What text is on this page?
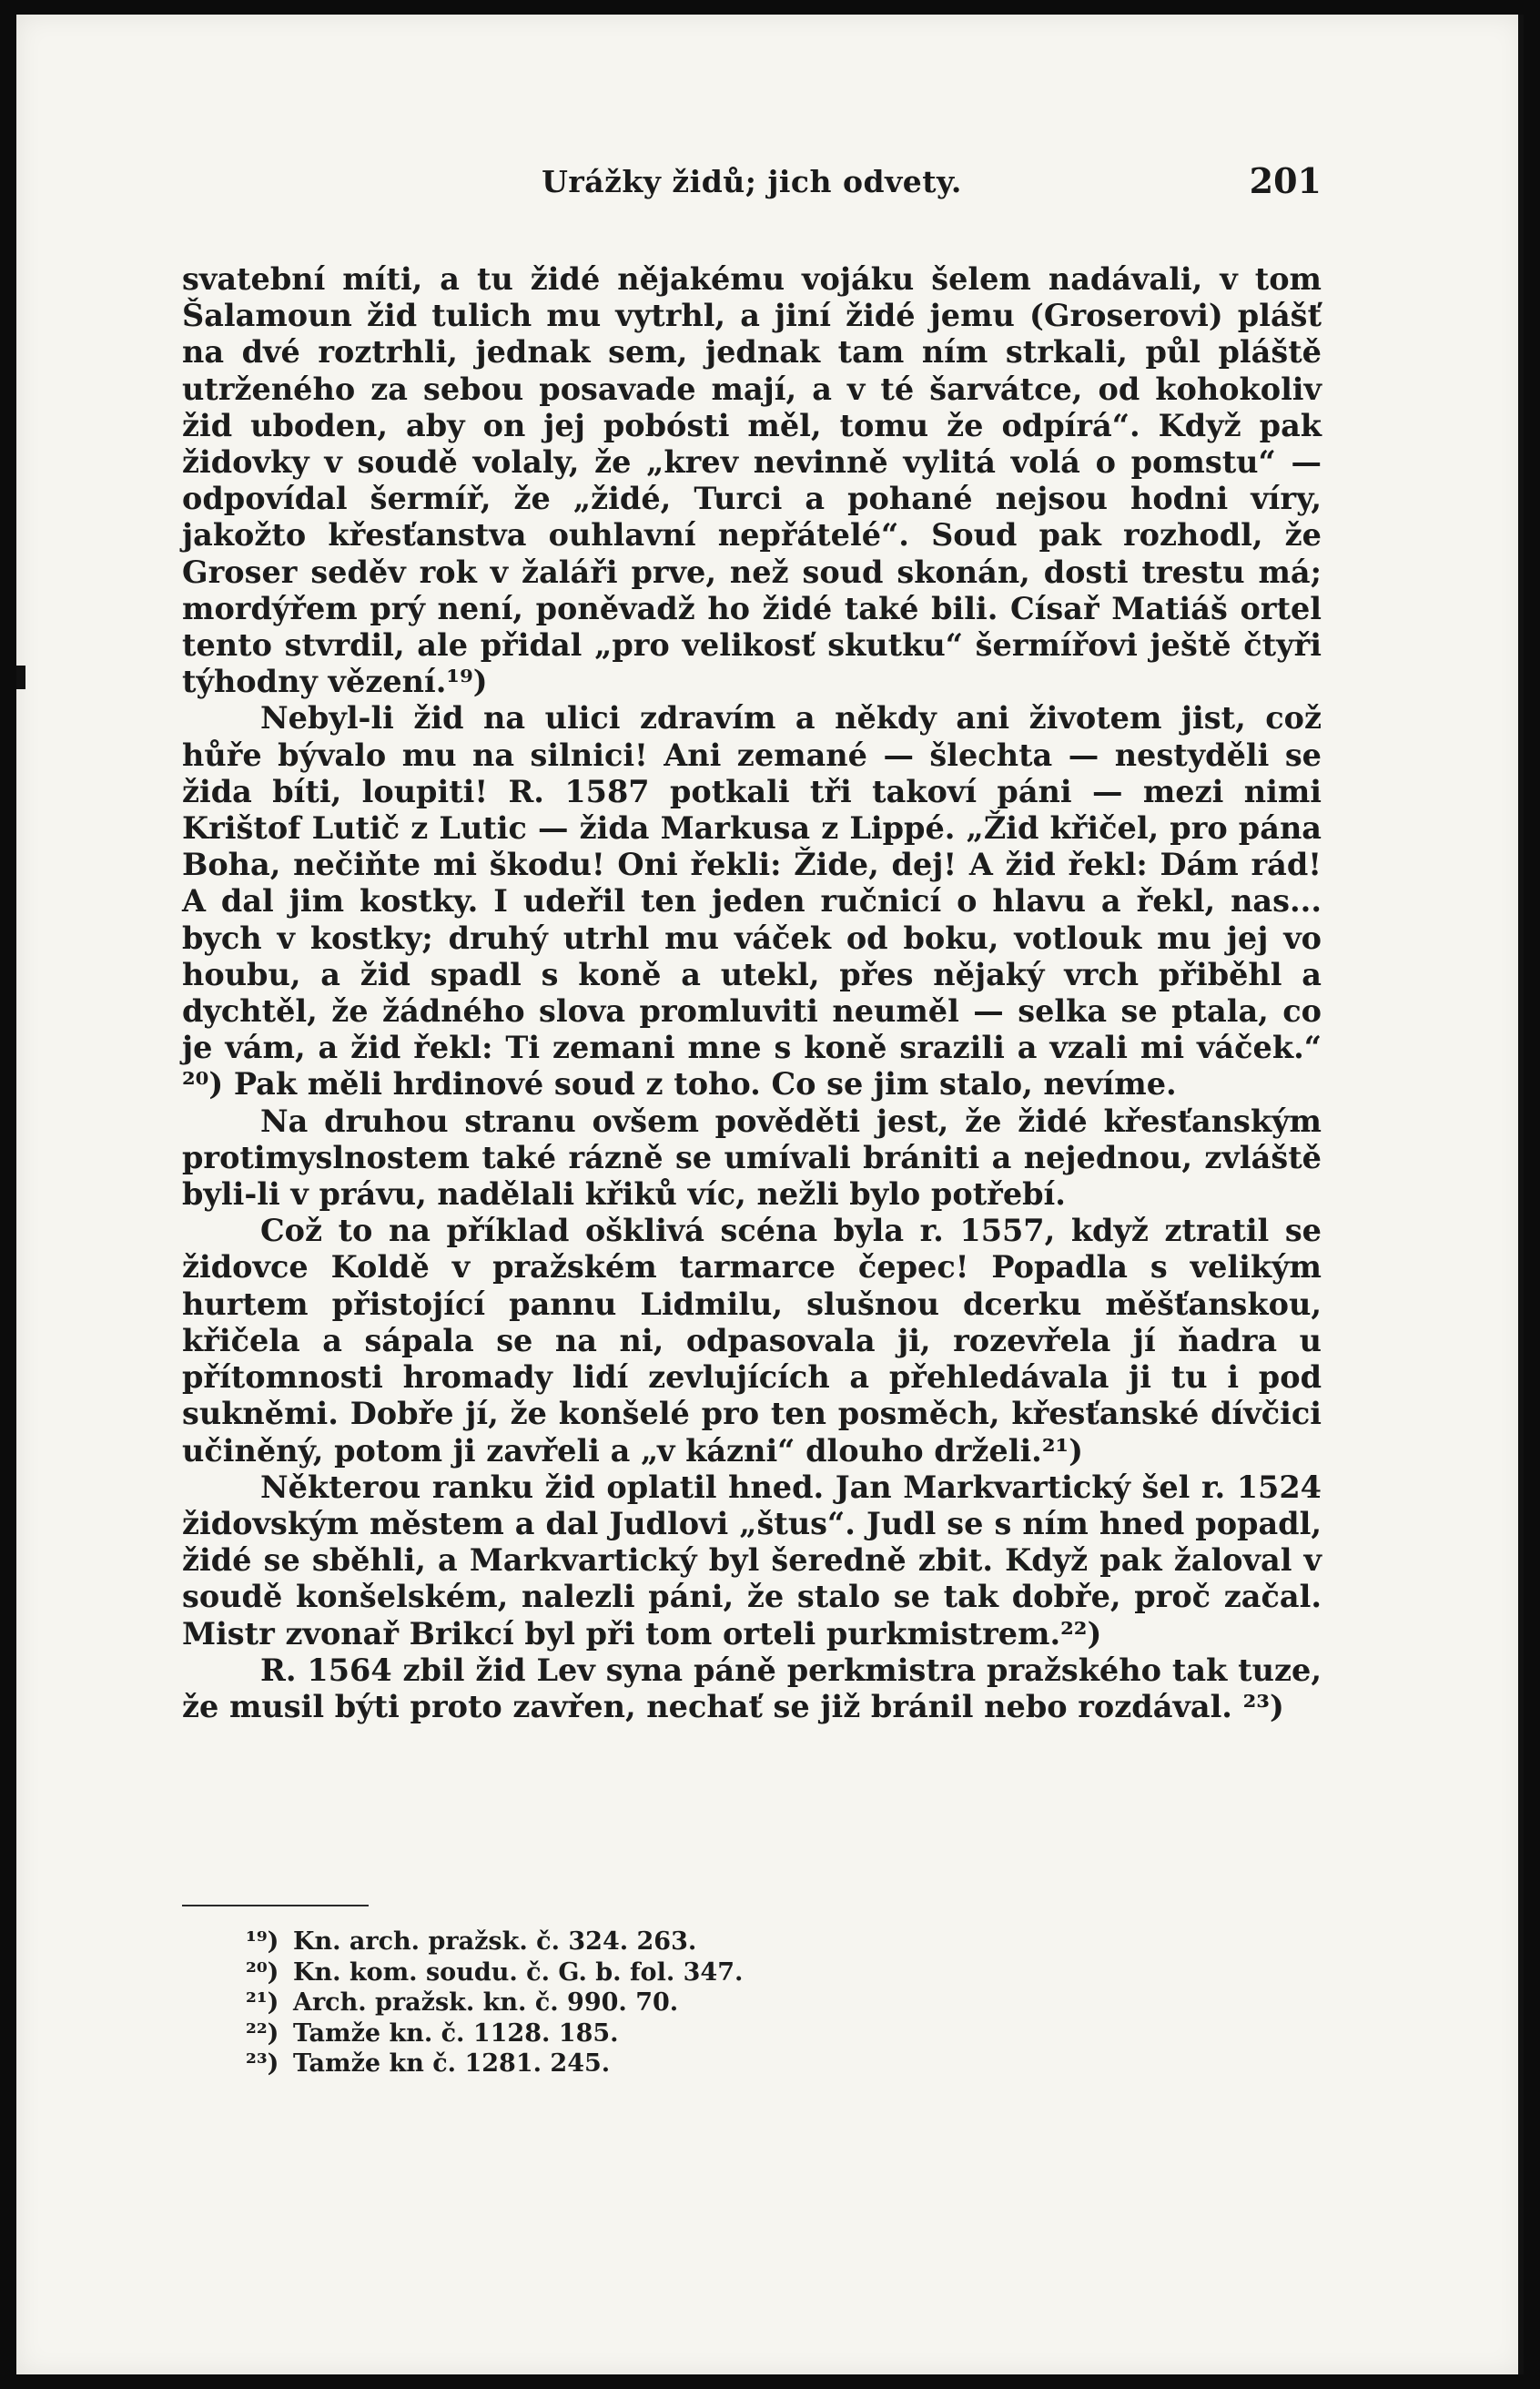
Urážky židů; jich odvety.	201

svatební míti, a tu židé nějakému vojáku šelem nadávali, v tom Šalamoun žid tulich mu vytrhl, a jiní židé jemu (Groserovi) plášť na dvé roztrhli, jednak sem, jednak tam ním strkali, půl pláště utrženého za sebou posavade mají, a v té šarvátce, od kohokoliv žid uboden, aby on jej pobósti měl, tomu že odpírá“. Když pak židovky v soudě volaly, že „krev nevinně vylitá volá o pomstu“ — odpovídal šermíř, že „židé, Turci a pohané nejsou hodni víry, jakožto křesťanstva ouhlavní nepřátelé“. Soud pak rozhodl, že Groser seděv rok v žaláři prve, než soud skonán, dosti trestu má; mordýřem prý není, poněvadž ho židé také bili. Císař Matiáš ortel tento stvrdil, ale přidal „pro velikosť skutku“ šermířovi ještě čtyři týhodny vězení.¹⁹)

Nebyl-li žid na ulici zdravím a někdy ani životem jist, což hůře bývalo mu na silnici! Ani zemané — šlechta — nestyděli se žida bíti, loupiti! R. 1587 potkali tři takoví páni — mezi nimi Krištof Lutič z Lutic — žida Markusa z Lippé. „Žid křičel, pro pána Boha, nečiňte mi škodu! Oni řekli: Žide, dej! A žid řekl: Dám rád! A dal jim kostky. I udeřil ten jeden ručnicí o hlavu a řekl, nas... bych v kostky; druhý utrhl mu váček od boku, votlouk mu jej vo houbu, a žid spadl s koně a utekl, přes nějaký vrch přiběhl a dychtěl, že žádného slova promluviti neuměl — selka se ptala, co je vám, a žid řekl: Ti zemani mne s koně srazili a vzali mi váček.“ ²⁰) Pak měli hrdinové soud z toho. Co se jim stalo, nevíme.

Na druhou stranu ovšem pověděti jest, že židé křesťanským protimyslnostem také rázně se umívali brániti a nejednou, zvláště byli-li v právu, nadělali křiků víc, nežli bylo potřebí.

Což to na příklad ošklivá scéna byla r. 1557, když ztratil se židovce Koldě v pražském tarmarce čepec! Popadla s velikým hurtem přistojící pannu Lidmilu, slušnou dcerku měšťanskou, křičela a sápala se na ni, odpasovala ji, rozevřela jí ňadra u přítomnosti hromady lidí zevlujících a přehledávala ji tu i pod sukněmi. Dobře jí, že konšelé pro ten posměch, křesťanské dívčici učiněný, potom ji zavřeli a „v kázni“ dlouho drželi.²¹)

Některou ranku žid oplatil hned. Jan Markvartický šel r. 1524 židovským městem a dal Judlovi „štus“. Judl se s ním hned popadl, židé se sběhli, a Markvartický byl šeredně zbit. Když pak žaloval v soudě konšelském, nalezli páni, že stalo se tak dobře, proč začal. Mistr zvonař Brikcí byl při tom orteli purkmistrem.²²)

R. 1564 zbil žid Lev syna páně perkmistra pražského tak tuze, že musil býti proto zavřen, nechať se již bránil nebo rozdával. ²³)

¹⁹) Kn. arch. pražsk. č. 324. 263.
²⁰) Kn. kom. soudu. č. G. b. fol. 347.
²¹) Arch. pražsk. kn. č. 990. 70.
²²) Tamže kn. č. 1128. 185.
²³) Tamže kn č. 1281. 245.
